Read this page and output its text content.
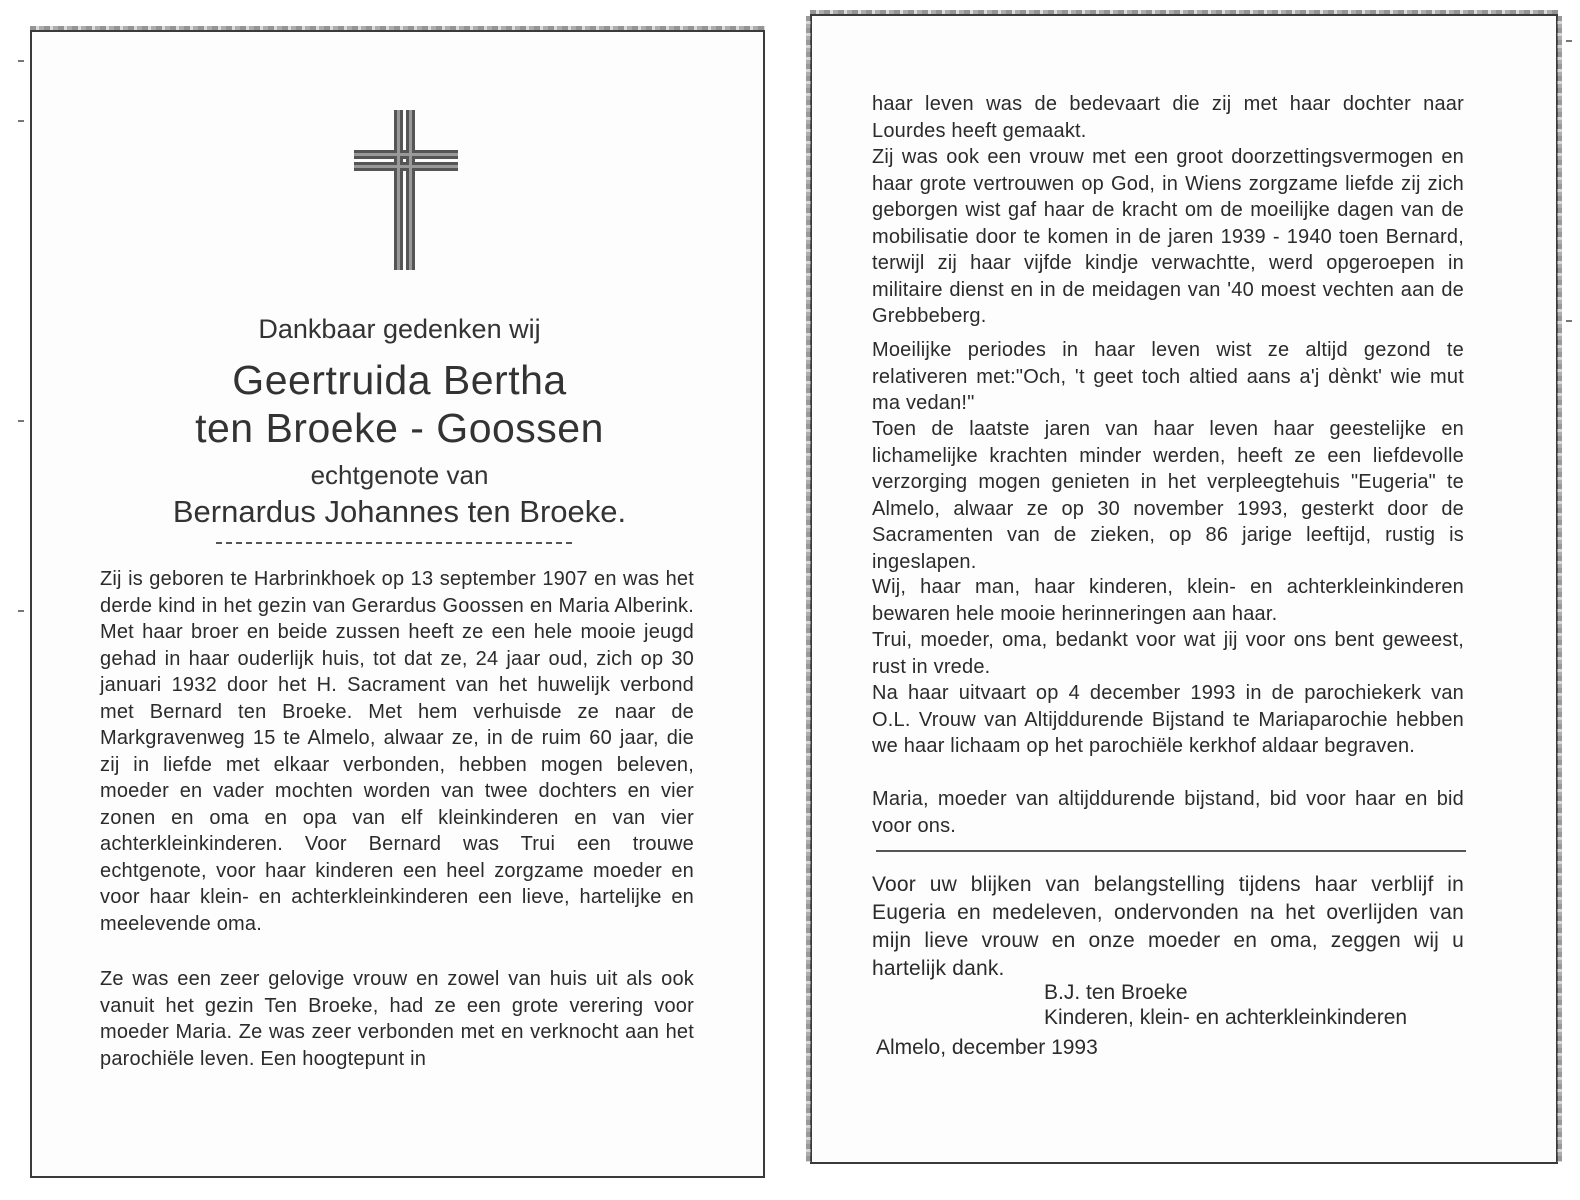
Dankbaar gedenken wij
Geertruida Bertha
ten Broeke - Goossen
echtgenote van
Bernardus Johannes ten Broeke.

Zij is geboren te Harbrinkhoek op 13 september 1907 en was het derde kind in het gezin van Gerardus Goossen en Maria Alberink. Met haar broer en beide zussen heeft ze een hele mooie jeugd gehad in haar ouderlijk huis, tot dat ze, 24 jaar oud, zich op 30 januari 1932 door het H. Sacrament van het huwelijk verbond met Bernard ten Broeke. Met hem verhuisde ze naar de Markgravenweg 15 te Almelo, alwaar ze, in de ruim 60 jaar, die zij in liefde met elkaar verbonden, hebben mogen beleven, moeder en vader mochten worden van twee dochters en vier zonen en oma en opa van elf kleinkinderen en van vier achterkleinkinderen. Voor Bernard was Trui een trouwe echtgenote, voor haar kinderen een heel zorgzame moeder en voor haar klein- en achterkleinkinderen een lieve, hartelijke en meelevende oma.

Ze was een zeer gelovige vrouw en zowel van huis uit als ook vanuit het gezin Ten Broeke, had ze een grote verering voor moeder Maria. Ze was zeer verbonden met en verknocht aan het parochiële leven. Een hoogtepunt in

haar leven was de bedevaart die zij met haar dochter naar Lourdes heeft gemaakt.

Zij was ook een vrouw met een groot doorzettingsvermogen en haar grote vertrouwen op God, in Wiens zorgzame liefde zij zich geborgen wist gaf haar de kracht om de moeilijke dagen van de mobilisatie door te komen in de jaren 1939 - 1940 toen Bernard, terwijl zij haar vijfde kindje verwachtte, werd opgeroepen in militaire dienst en in de meidagen van '40 moest vechten aan de Grebbeberg.

Moeilijke periodes in haar leven wist ze altijd gezond te relativeren met:"Och, 't geet toch altied aans a'j dènkt' wie mut ma vedan!"

Toen de laatste jaren van haar leven haar geestelijke en lichamelijke krachten minder werden, heeft ze een liefdevolle verzorging mogen genieten in het verpleegtehuis "Eugeria" te Almelo, alwaar ze op 30 november 1993, gesterkt door de Sacramenten van de zieken, op 86 jarige leeftijd, rustig is ingeslapen.

Wij, haar man, haar kinderen, klein- en achterkleinkinderen bewaren hele mooie herinneringen aan haar.

Trui, moeder, oma, bedankt voor wat jij voor ons bent geweest, rust in vrede.

Na haar uitvaart op 4 december 1993 in de parochiekerk van O.L. Vrouw van Altijddurende Bijstand te Mariaparochie hebben we haar lichaam op het parochiële kerkhof aldaar begraven.

Maria, moeder van altijddurende bijstand, bid voor haar en bid voor ons.

Voor uw blijken van belangstelling tijdens haar verblijf in Eugeria en medeleven, ondervonden na het overlijden van mijn lieve vrouw en onze moeder en oma, zeggen wij u hartelijk dank.

B.J. ten Broeke
Kinderen, klein- en achterkleinkinderen
Almelo, december 1993
